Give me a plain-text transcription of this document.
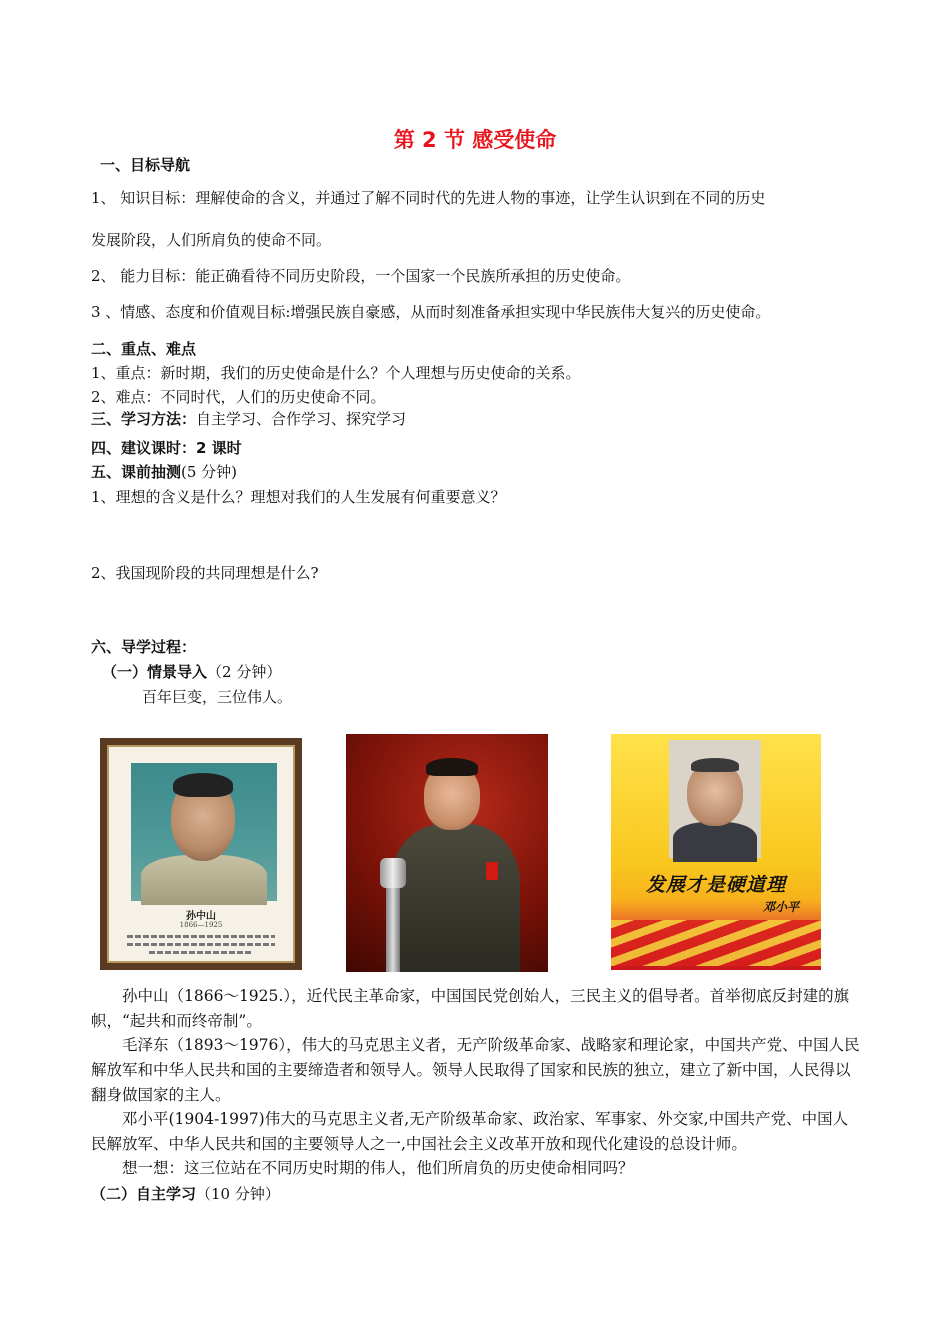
第 2 节 感受使命
一、目标导航
1、 知识目标：理解使命的含义，并通过了解不同时代的先进人物的事迹，让学生认识到在不同的历史
发展阶段，人们所肩负的使命不同。
2、 能力目标：能正确看待不同历史阶段，一个国家一个民族所承担的历史使命。
3 、情感、态度和价值观目标:增强民族自豪感，从而时刻准备承担实现中华民族伟大复兴的历史使命。
二、重点、难点
1、重点：新时期，我们的历史使命是什么？个人理想与历史使命的关系。
2、难点：不同时代，人们的历史使命不同。
三、学习方法：自主学习、合作学习、探究学习
四、建议课时：2 课时
五、课前抽测(5 分钟)
1、理想的含义是什么？理想对我们的人生发展有何重要意义？
2、我国现阶段的共同理想是什么?
六、导学过程：
（一）情景导入（2 分钟）
百年巨变，三位伟人。
孙中山
1866—1925
发展才是硬道理
邓小平
孙中山（1866～1925.），近代民主革命家，中国国民党创始人，三民主义的倡导者。首举彻底反封建的旗帜，“起共和而终帝制”。
毛泽东（1893～1976），伟大的马克思主义者，无产阶级革命家、战略家和理论家，中国共产党、中国人民解放军和中华人民共和国的主要缔造者和领导人。领导人民取得了国家和民族的独立，建立了新中国，人民得以翻身做国家的主人。
邓小平(1904-1997)伟大的马克思主义者,无产阶级革命家、政治家、军事家、外交家,中国共产党、中国人民解放军、中华人民共和国的主要领导人之一,中国社会主义改革开放和现代化建设的总设计师。
想一想：这三位站在不同历史时期的伟人，他们所肩负的历史使命相同吗？
（二）自主学习（10 分钟）
